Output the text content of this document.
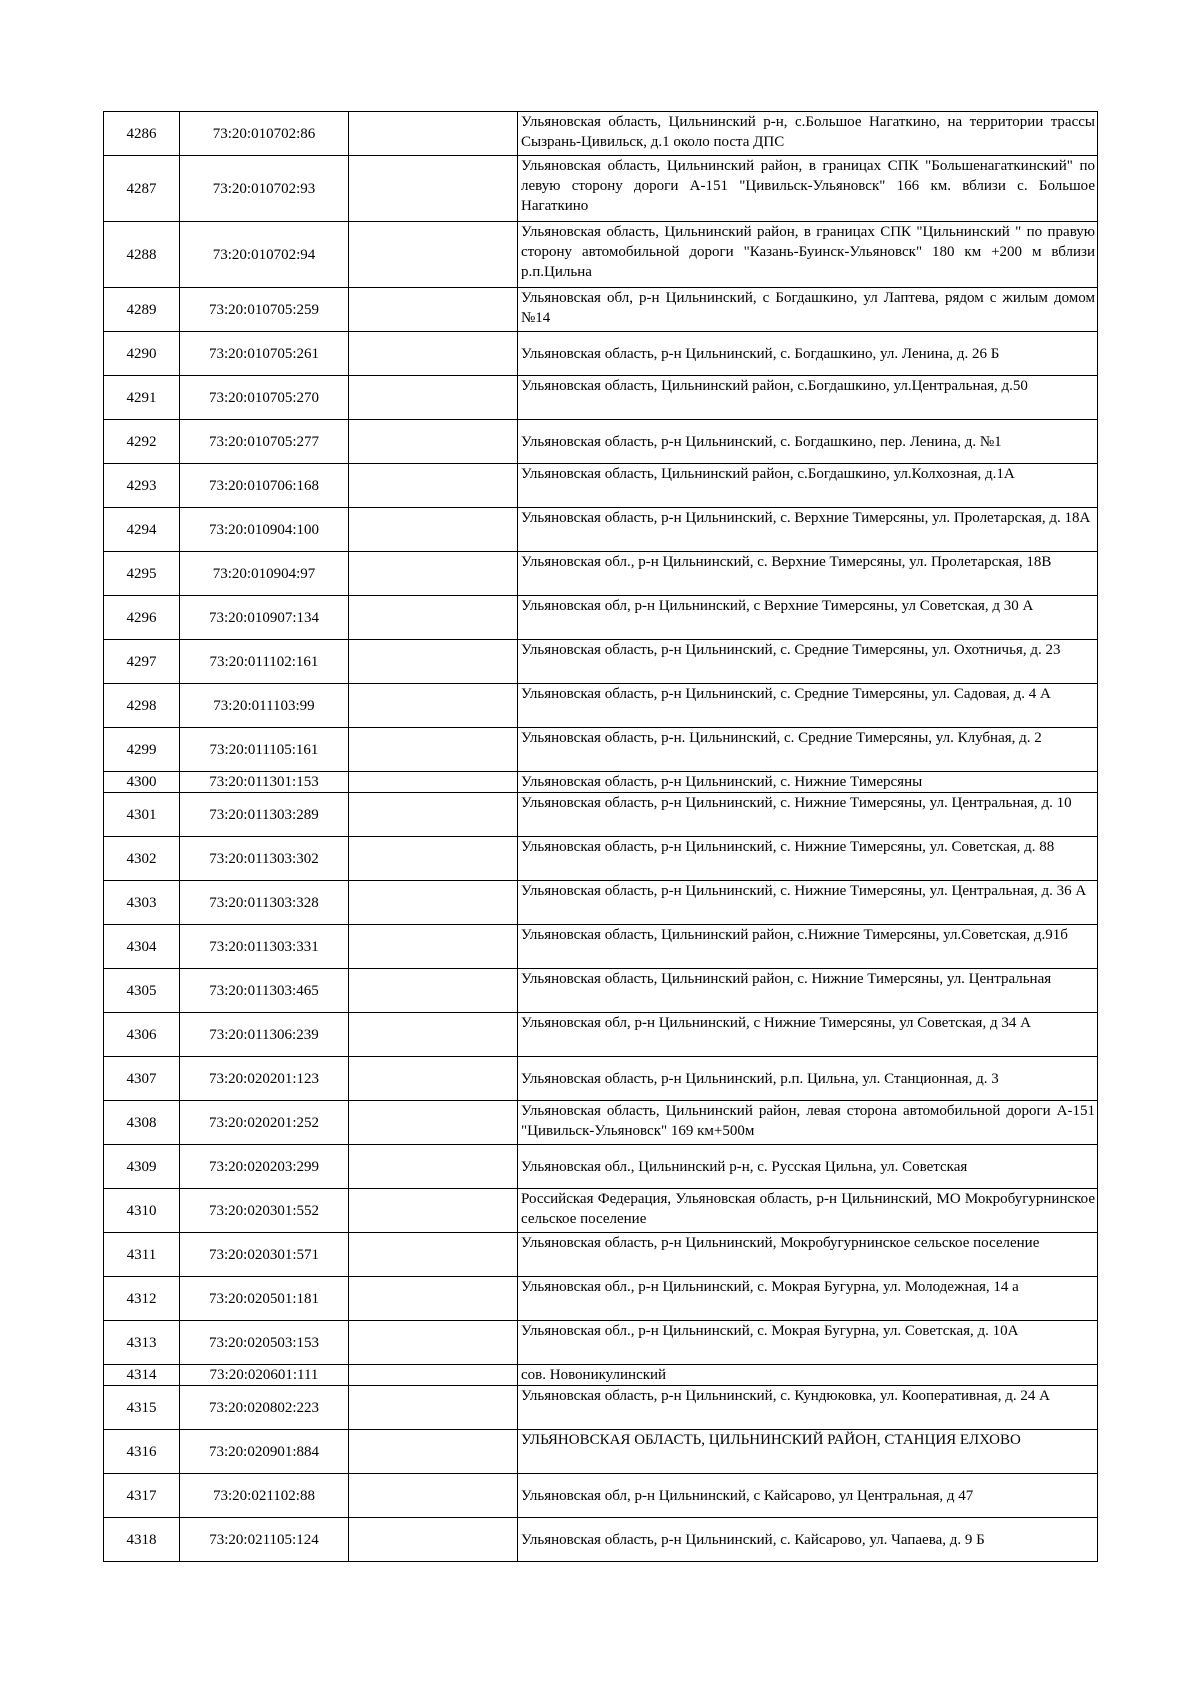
4286	73:20:010702:86		Ульяновская область, Цильнинский р-н, с.Большое Нагаткино, на территории трассы Сызрань-Цивильск, д.1 около поста ДПС
4287	73:20:010702:93		Ульяновская область, Цильнинский район, в границах СПК "Большенагаткинский" по левую сторону дороги А-151 "Цивильск-Ульяновск" 166 км. вблизи с. Большое Нагаткино
4288	73:20:010702:94		Ульяновская область, Цильнинский район, в границах СПК "Цильнинский " по правую сторону автомобильной дороги "Казань-Буинск-Ульяновск" 180 км +200 м вблизи р.п.Цильна
4289	73:20:010705:259		Ульяновская обл, р-н Цильнинский, с Богдашкино, ул Лаптева, рядом с жилым домом №14
4290	73:20:010705:261		Ульяновская область, р-н Цильнинский, с. Богдашкино, ул. Ленина, д. 26 Б
4291	73:20:010705:270		Ульяновская область, Цильнинский район, с.Богдашкино, ул.Центральная, д.50
4292	73:20:010705:277		Ульяновская область, р-н Цильнинский, с. Богдашкино, пер. Ленина, д. №1
4293	73:20:010706:168		Ульяновская область, Цильнинский район, с.Богдашкино, ул.Колхозная, д.1А
4294	73:20:010904:100		Ульяновская область, р-н Цильнинский, с. Верхние Тимерсяны, ул. Пролетарская, д. 18А
4295	73:20:010904:97		Ульяновская обл., р-н Цильнинский, с. Верхние Тимерсяны, ул. Пролетарская, 18В
4296	73:20:010907:134		Ульяновская обл, р-н Цильнинский, с Верхние Тимерсяны, ул Советская, д 30 А
4297	73:20:011102:161		Ульяновская область, р-н Цильнинский, с. Средние Тимерсяны, ул. Охотничья, д. 23
4298	73:20:011103:99		Ульяновская область, р-н Цильнинский, с. Средние Тимерсяны, ул. Садовая, д. 4 А
4299	73:20:011105:161		Ульяновская область, р-н. Цильнинский, с. Средние Тимерсяны, ул. Клубная, д. 2
4300	73:20:011301:153		Ульяновская область, р-н Цильнинский, с. Нижние Тимерсяны
4301	73:20:011303:289		Ульяновская область, р-н Цильнинский, с. Нижние Тимерсяны, ул. Центральная, д. 10
4302	73:20:011303:302		Ульяновская область, р-н Цильнинский, с. Нижние Тимерсяны, ул. Советская, д. 88
4303	73:20:011303:328		Ульяновская область, р-н Цильнинский, с. Нижние Тимерсяны, ул. Центральная, д. 36 А
4304	73:20:011303:331		Ульяновская область, Цильнинский район, с.Нижние Тимерсяны, ул.Советская, д.91б
4305	73:20:011303:465		Ульяновская область, Цильнинский район, с. Нижние Тимерсяны, ул. Центральная
4306	73:20:011306:239		Ульяновская обл, р-н Цильнинский, с Нижние Тимерсяны, ул Советская, д 34 А
4307	73:20:020201:123		Ульяновская область, р-н Цильнинский, р.п. Цильна, ул. Станционная, д. 3
4308	73:20:020201:252		Ульяновская область, Цильнинский район, левая сторона автомобильной дороги А-151 "Цивильск-Ульяновск" 169 км+500м
4309	73:20:020203:299		Ульяновская обл., Цильнинский р-н, с. Русская Цильна, ул. Советская
4310	73:20:020301:552		Российская Федерация, Ульяновская область, р-н Цильнинский, МО Мокробугурнинское сельское поселение
4311	73:20:020301:571		Ульяновская область, р-н Цильнинский, Мокробугурнинское сельское поселение
4312	73:20:020501:181		Ульяновская обл., р-н Цильнинский, с. Мокрая Бугурна, ул. Молодежная, 14 а
4313	73:20:020503:153		Ульяновская обл., р-н Цильнинский, с. Мокрая Бугурна, ул. Советская, д. 10А
4314	73:20:020601:111		сов. Новоникулинский
4315	73:20:020802:223		Ульяновская область, р-н Цильнинский, с. Кундюковка, ул. Кооперативная, д. 24 А
4316	73:20:020901:884		УЛЬЯНОВСКАЯ ОБЛАСТЬ, ЦИЛЬНИНСКИЙ РАЙОН, СТАНЦИЯ ЕЛХОВО
4317	73:20:021102:88		Ульяновская обл, р-н Цильнинский, с Кайсарово, ул Центральная, д 47
4318	73:20:021105:124		Ульяновская область, р-н Цильнинский, с. Кайсарово, ул. Чапаева, д. 9 Б
